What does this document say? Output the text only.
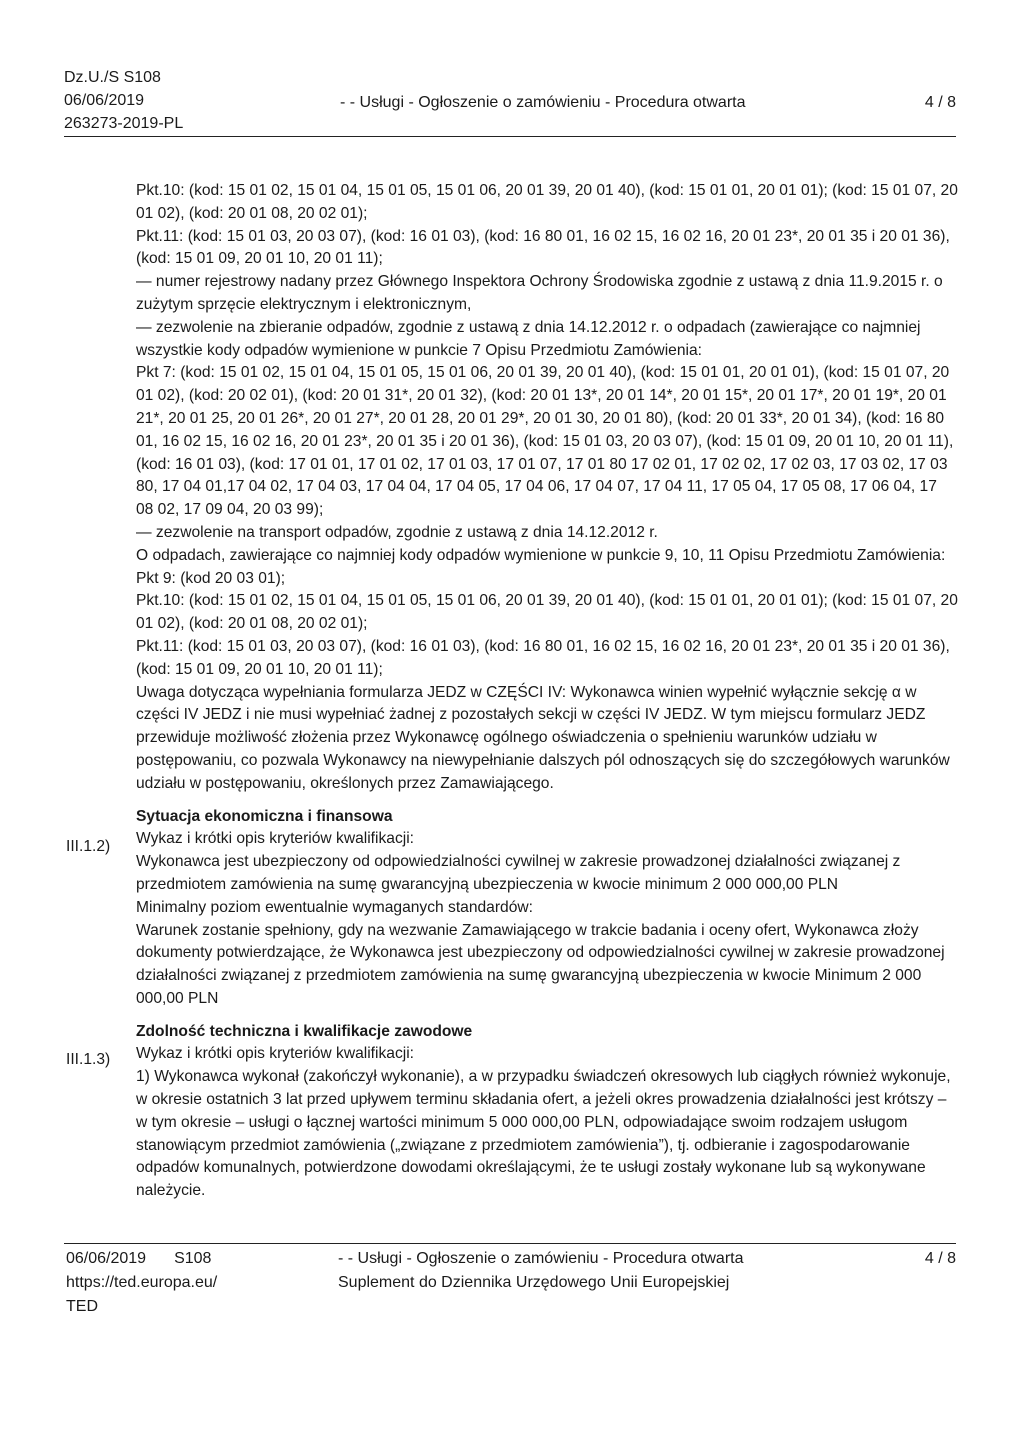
Dz.U./S S108
06/06/2019
263273-2019-PL
- - Usługi - Ogłoszenie o zamówieniu - Procedura otwarta	4 / 8
III.1.2)
III.1.3)

Pkt.10: (kod: 15 01 02, 15 01 04, 15 01 05, 15 01 06, 20 01 39, 20 01 40), (kod: 15 01 01, 20 01 01); (kod: 15 01 07, 20 01 02), (kod: 20 01 08, 20 02 01);

Pkt.11: (kod: 15 01 03, 20 03 07), (kod: 16 01 03), (kod: 16 80 01, 16 02 15, 16 02 16, 20 01 23*, 20 01 35 i 20 01 36), (kod: 15 01 09, 20 01 10, 20 01 11);

— numer rejestrowy nadany przez Głównego Inspektora Ochrony Środowiska zgodnie z ustawą z dnia 11.9.2015 r. o zużytym sprzęcie elektrycznym i elektronicznym,

— zezwolenie na zbieranie odpadów, zgodnie z ustawą z dnia 14.12.2012 r. o odpadach (zawierające co najmniej wszystkie kody odpadów wymienione w punkcie 7 Opisu Przedmiotu Zamówienia:

Pkt 7: (kod: 15 01 02, 15 01 04, 15 01 05, 15 01 06, 20 01 39, 20 01 40), (kod: 15 01 01, 20 01 01), (kod: 15 01 07, 20 01 02), (kod: 20 02 01), (kod: 20 01 31*, 20 01 32), (kod: 20 01 13*, 20 01 14*, 20 01 15*, 20 01 17*, 20 01 19*, 20 01 21*, 20 01 25, 20 01 26*, 20 01 27*, 20 01 28, 20 01 29*, 20 01 30, 20 01 80), (kod: 20 01 33*, 20 01 34), (kod: 16 80 01, 16 02 15, 16 02 16, 20 01 23*, 20 01 35 i 20 01 36), (kod: 15 01 03, 20 03 07), (kod: 15 01 09, 20 01 10, 20 01 11), (kod: 16 01 03), (kod: 17 01 01, 17 01 02, 17 01 03, 17 01 07, 17 01 80 17 02 01, 17 02 02, 17 02 03, 17 03 02, 17 03 80, 17 04 01,17 04 02, 17 04 03, 17 04 04, 17 04 05, 17 04 06, 17 04 07, 17 04 11, 17 05 04, 17 05 08, 17 06 04, 17 08 02, 17 09 04, 20 03 99);

— zezwolenie na transport odpadów, zgodnie z ustawą z dnia 14.12.2012 r.

O odpadach, zawierające co najmniej kody odpadów wymienione w punkcie 9, 10, 11 Opisu Przedmiotu Zamówienia:

Pkt 9: (kod 20 03 01);

Pkt.10: (kod: 15 01 02, 15 01 04, 15 01 05, 15 01 06, 20 01 39, 20 01 40), (kod: 15 01 01, 20 01 01); (kod: 15 01 07, 20 01 02), (kod: 20 01 08, 20 02 01);

Pkt.11: (kod: 15 01 03, 20 03 07), (kod: 16 01 03), (kod: 16 80 01, 16 02 15, 16 02 16, 20 01 23*, 20 01 35 i 20 01 36), (kod: 15 01 09, 20 01 10, 20 01 11);

Uwaga dotycząca wypełniania formularza JEDZ w CZĘŚCI IV: Wykonawca winien wypełnić wyłącznie sekcję α w części IV JEDZ i nie musi wypełniać żadnej z pozostałych sekcji w części IV JEDZ. W tym miejscu formularz JEDZ przewiduje możliwość złożenia przez Wykonawcę ogólnego oświadczenia o spełnieniu warunków udziału w postępowaniu, co pozwala Wykonawcy na niewypełnianie dalszych pól odnoszących się do szczegółowych warunków udziału w postępowaniu, określonych przez Zamawiającego.

Sytuacja ekonomiczna i finansowa

Wykaz i krótki opis kryteriów kwalifikacji:

Wykonawca jest ubezpieczony od odpowiedzialności cywilnej w zakresie prowadzonej działalności związanej z przedmiotem zamówienia na sumę gwarancyjną ubezpieczenia w kwocie minimum 2 000 000,00 PLN

Minimalny poziom ewentualnie wymaganych standardów:

Warunek zostanie spełniony, gdy na wezwanie Zamawiającego w trakcie badania i oceny ofert, Wykonawca złoży dokumenty potwierdzające, że Wykonawca jest ubezpieczony od odpowiedzialności cywilnej w zakresie prowadzonej działalności związanej z przedmiotem zamówienia na sumę gwarancyjną ubezpieczenia w kwocie Minimum 2 000 000,00 PLN

Zdolność techniczna i kwalifikacje zawodowe

Wykaz i krótki opis kryteriów kwalifikacji:

1) Wykonawca wykonał (zakończył wykonanie), a w przypadku świadczeń okresowych lub ciągłych również wykonuje, w okresie ostatnich 3 lat przed upływem terminu składania ofert, a jeżeli okres prowadzenia działalności jest krótszy – w tym okresie – usługi o łącznej wartości minimum 5 000 000,00 PLN, odpowiadające swoim rodzajem usługom stanowiącym przedmiot zamówienia („związane z przedmiotem zamówienia”), tj. odbieranie i zagospodarowanie odpadów komunalnych, potwierdzone dowodami określającymi, że te usługi zostały wykonane lub są wykonywane należycie.

06/06/2019 S108
https://ted.europa.eu/
TED
- - Usługi - Ogłoszenie o zamówieniu - Procedura otwarta
Suplement do Dziennika Urzędowego Unii Europejskiej
4 / 8
